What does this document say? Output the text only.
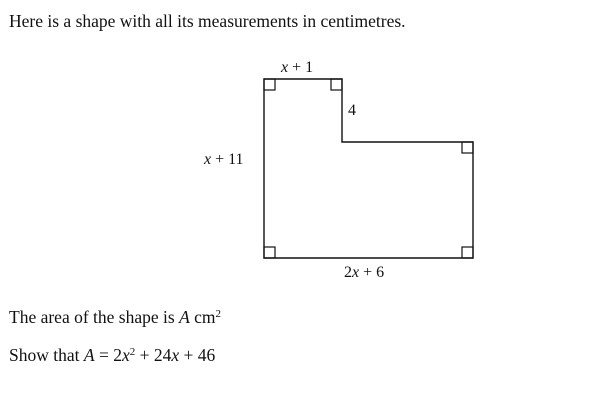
Here is a shape with all its measurements in centimetres.

x + 1
4
x + 11
2x + 6

The area of the shape is A $cm^2$

Show that $A = 2x^2 + 24x + 46$
